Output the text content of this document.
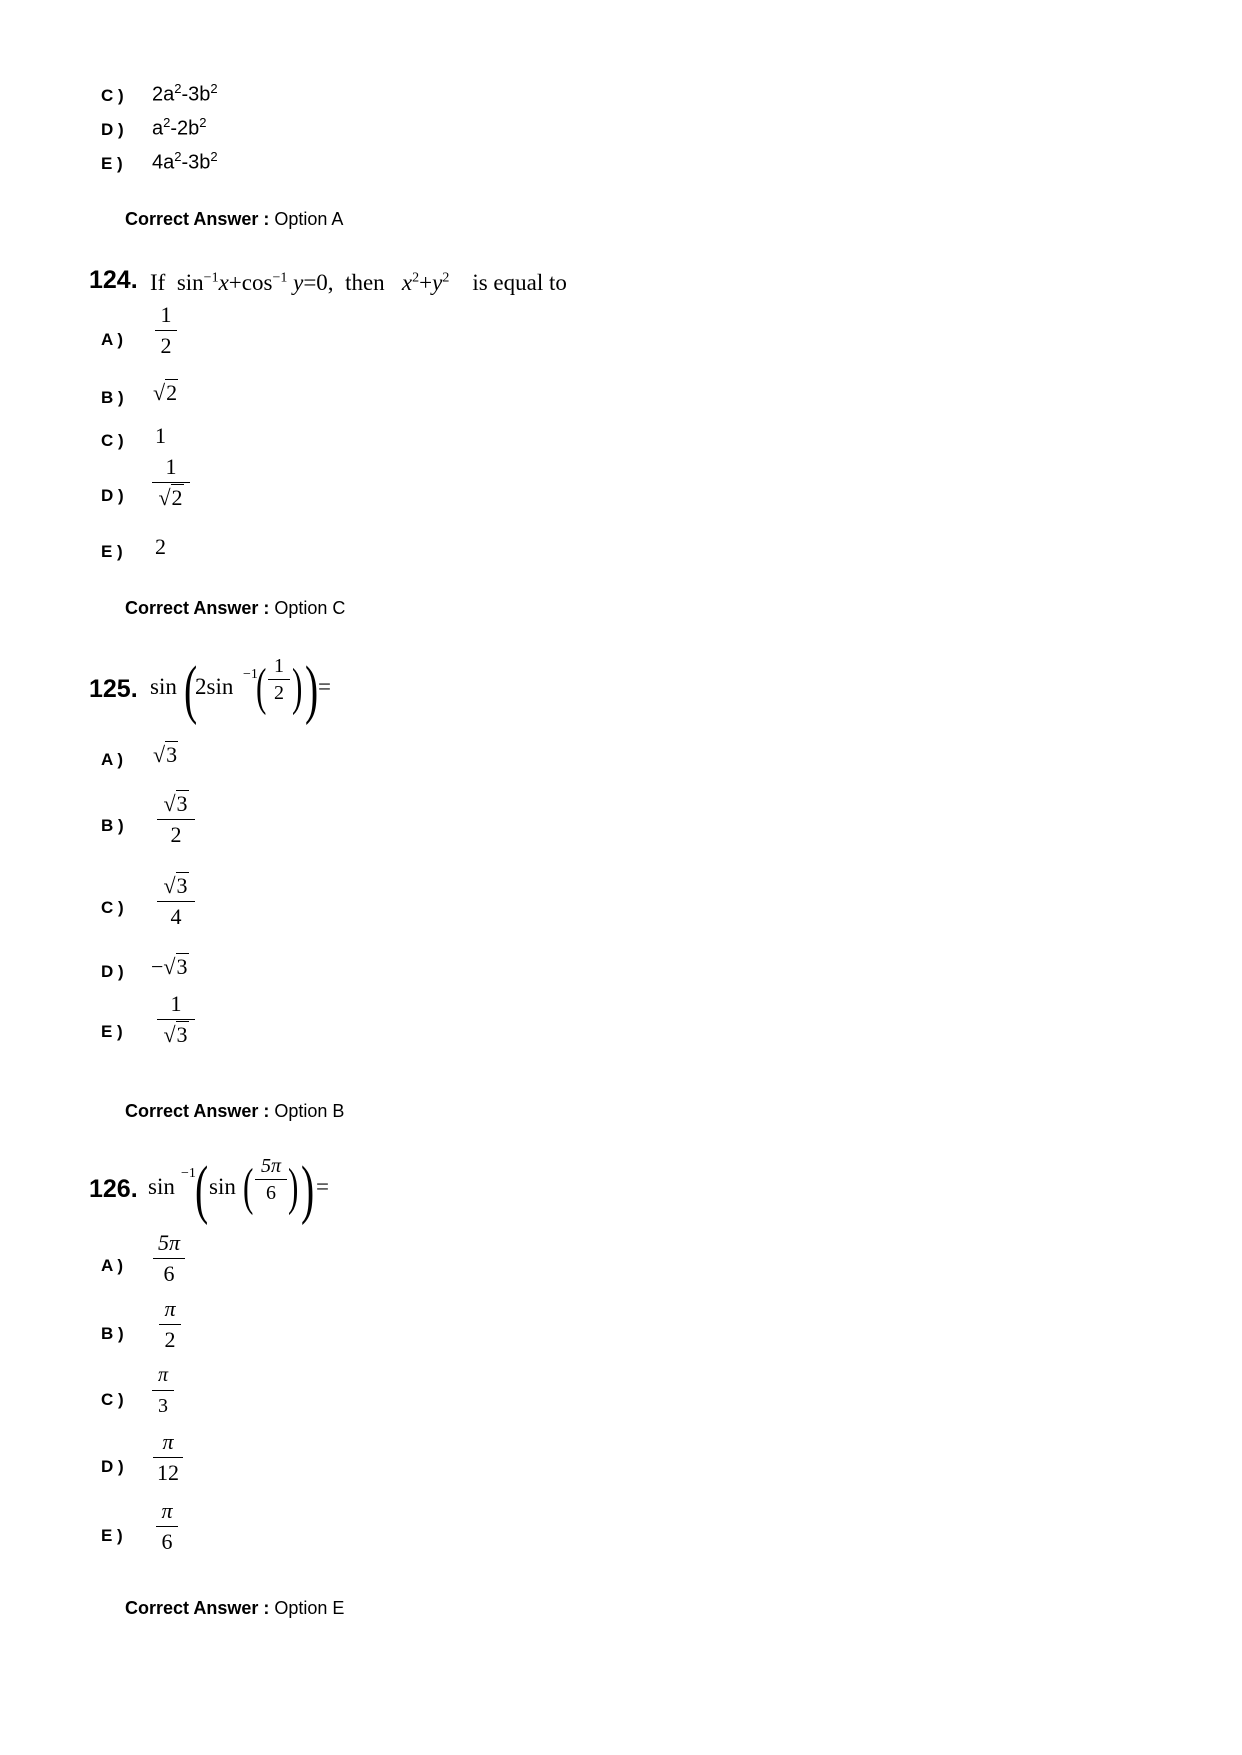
C ) $2a^2-3b^2$
D ) $a^2-2b^2$
E ) $4a^2-3b^2$
Correct Answer : Option A
124. If $\sin^{-1}x+\cos^{-1}$ y=0, then $x^2+y^2$ is equal to
A )
1
2
B ) √2
C ) 1
D )
1
√2
E ) 2
Correct Answer : Option C
125. sin (
2sin −1
( 1
2 ) ) =
A ) √3
B )
√3
2
C )
√3
4
D ) −√3
E )
1
√3
Correct Answer : Option B
126. sin
−1 ( sin ( 5π
6 ) ) =
A )
5π
6
B )
π
2
C )
π
3
D )
π
12
E )
π
6
Correct Answer : Option E
